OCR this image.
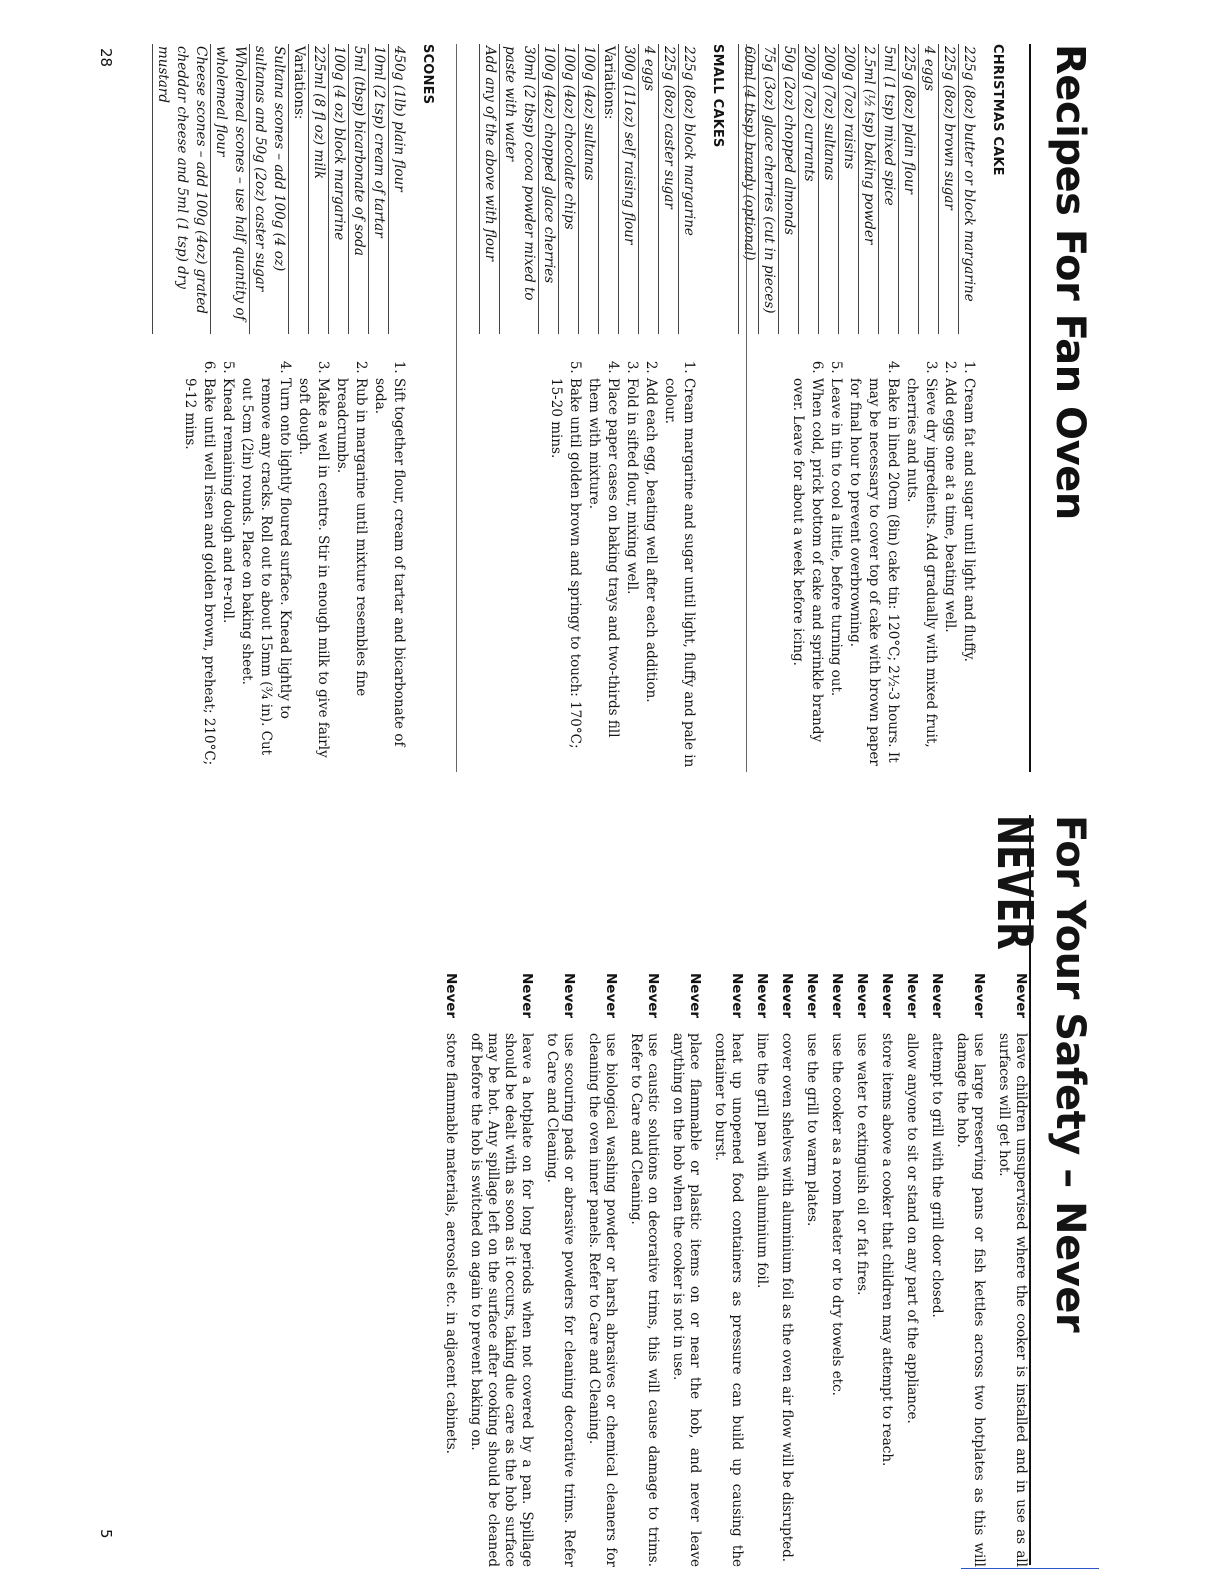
Recipes For Fan Oven
CHRISTMAS CAKE
225g (8oz) butter or block margarine
225g (8oz) brown sugar
4 eggs
225g (8oz) plain flour
5ml (1 tsp) mixed spice
2.5ml (½ tsp) baking powder
200g (7oz) raisins
200g (7oz) sultanas
200g (7oz) currants
50g (2oz) chopped almonds
75g (3oz) glace cherries (cut in pieces)
60ml (4 tbsp) brandy (optional)
1. Cream fat and sugar until light and fluffy.
2. Add eggs one at a time, beating well.
3. Sieve dry ingredients. Add gradually with mixed fruit, cherries and nuts.
4. Bake in lined 20cm (8in) cake tin: 120°C; 2½-3 hours. It may be necessary to cover top of cake with brown paper for final hour to prevent overbrowning.
5. Leave in tin to cool a little, before turning out.
6. When cold, prick bottom of cake and sprinkle brandy over. Leave for about a week before icing.
SMALL CAKES
225g (8oz) block margarine
225g (8oz) caster sugar
4 eggs
300g (11oz) self raising flour
Variations:
100g (4oz) sultanas
100g (4oz) chocolate chips
100g (4oz) chopped glace cherries
30ml (2 tbsp) cocoa powder mixed to paste with water
Add any of the above with flour
1. Cream margarine and sugar until light, fluffy and pale in colour.
2. Add each egg, beating well after each addition.
3. Fold in sifted flour, mixing well.
4. Place paper cases on baking trays and two-thirds fill them with mixture.
5. Bake until golden brown and springy to touch: 170°C; 15-20 mins.
SCONES
450g (1lb) plain flour
10ml (2 tsp) cream of tartar
5ml (tbsp) bicarbonate of soda
100g (4 oz) block margarine
225ml (8 fl oz) milk
Variations:
Sultana scones – add 100g (4 oz) sultanas and 50g (2oz) caster sugar
Wholemeal scones – use half quantity of wholemeal flour
Cheese scones – add 100g (4oz) grated cheddar cheese and 5ml (1 tsp) dry mustard
1. Sift together flour, cream of tartar and bicarbonate of soda.
2. Rub in margarine until mixture resembles fine breadcrumbs.
3. Make a well in centre. Stir in enough milk to give fairly soft dough.
4. Turn onto lightly floured surface. Knead lightly to remove any cracks. Roll out to about 15mm (¾ in). Cut out 5cm (2in) rounds. Place on baking sheet.
5. Knead remaining dough and re-roll.
6. Bake until well risen and golden brown, preheat; 210°C; 9-12 mins.
28
For Your Safety – Never
NEVER
Never
leave children unsupervised where the cooker is installed and in use as all surfaces will get hot.
Never
use large preserving pans or fish kettles across two hotplates as this will damage the hob.
Never
attempt to grill with the grill door closed.
Never
allow anyone to sit or stand on any part of the appliance.
Never
store items above a cooker that children may attempt to reach.
Never
use water to extinguish oil or fat fires.
Never
use the cooker as a room heater or to dry towels etc.
Never
use the grill to warm plates.
Never
cover oven shelves with aluminium foil as the oven air flow will be disrupted.
Never
line the grill pan with aluminium foil.
Never
heat up unopened food containers as pressure can build up causing the container to burst.
Never
place flammable or plastic items on or near the hob, and never leave anything on the hob when the cooker is not in use.
Never
use caustic solutions on decorative trims, this will cause damage to trims. Refer to Care and Cleaning.
Never
use biological washing powder or harsh abrasives or chemical cleaners for cleaning the oven inner panels. Refer to Care and Cleaning.
Never
use scouring pads or abrasive powders for cleaning decorative trims. Refer to Care and Cleaning.
Never
leave a hotplate on for long periods when not covered by a pan. Spillage should be dealt with as soon as it occurs, taking due care as the hob surface may be hot. Any spillage left on the surface after cooking should be cleaned off before the hob is switched on again to prevent baking on.
Never
store flammable materials, aerosols etc. in adjacent cabinets.
5
